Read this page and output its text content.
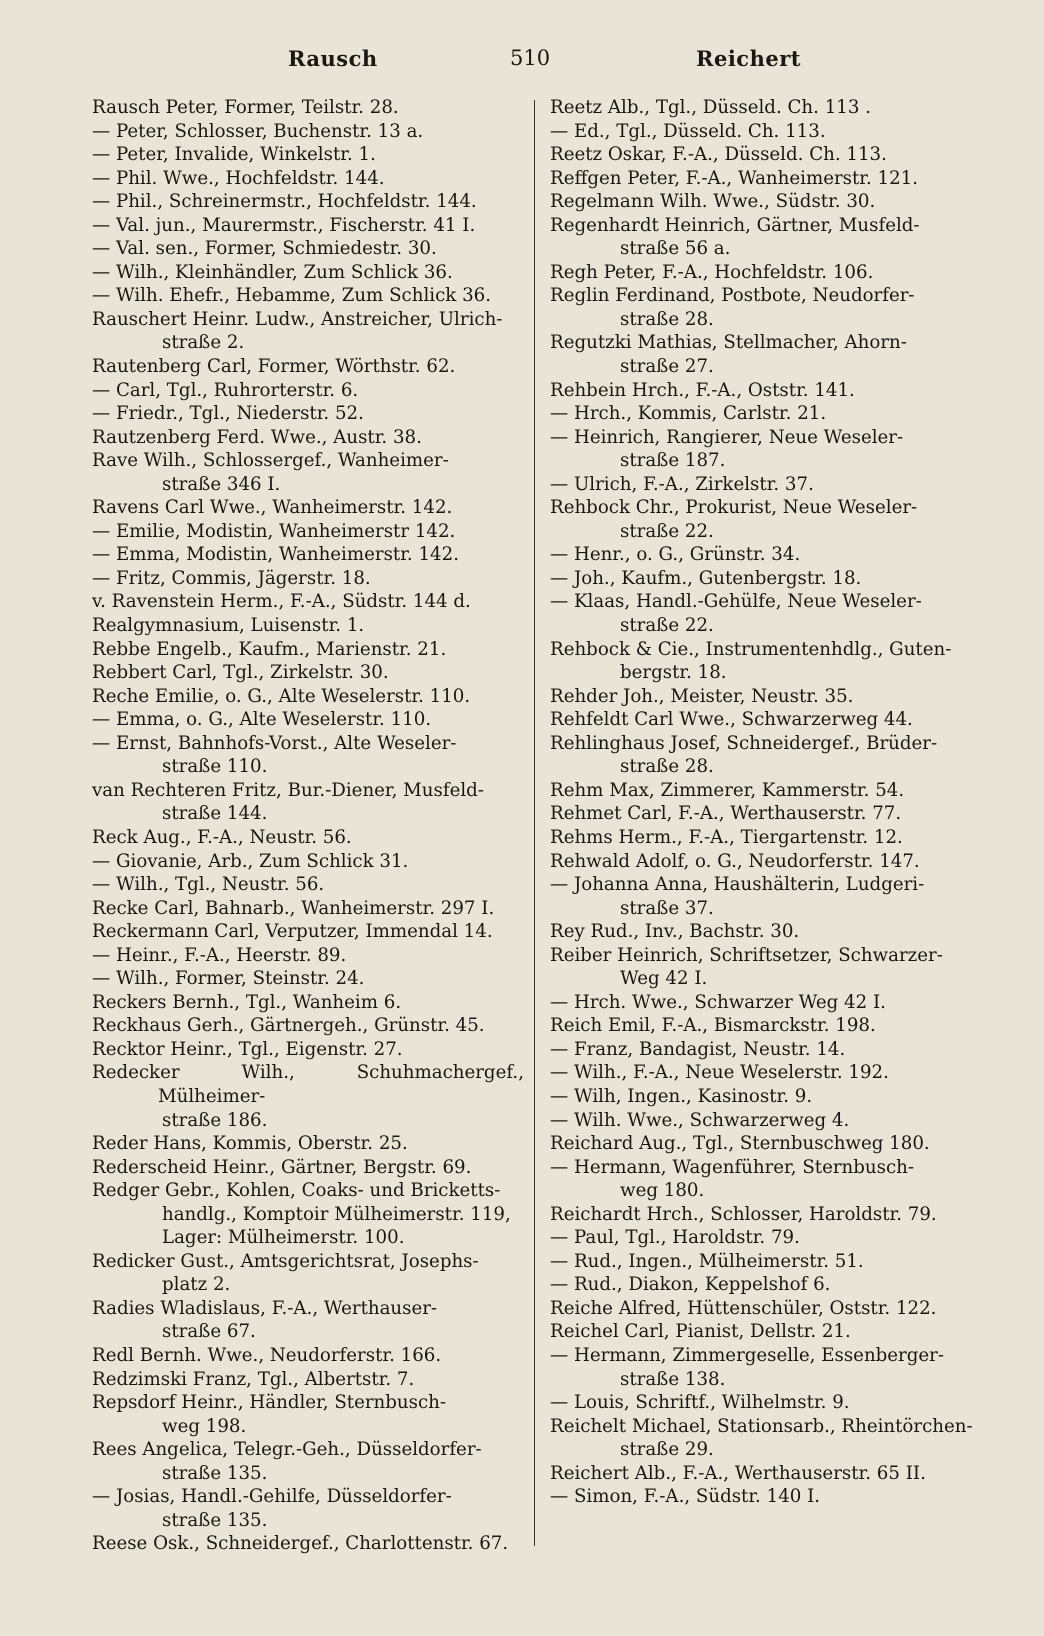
Rausch	510	Reichert
Rausch Peter, Former, Teilstr. 28.
— Peter, Schlosser, Buchenstr. 13 a.
— Peter, Invalide, Winkelstr. 1.
— Phil. Wwe., Hochfeldstr. 144.
— Phil., Schreinermstr., Hochfeldstr. 144.
— Val. jun., Maurermstr., Fischerstr. 41 I.
— Val. sen., Former, Schmiedestr. 30.
— Wilh., Kleinhändler, Zum Schlick 36.
— Wilh. Ehefr., Hebamme, Zum Schlick 36.
Rauschert Heinr. Ludw., Anstreicher, Ulrich-
straße 2.
Rautenberg Carl, Former, Wörthstr. 62.
— Carl, Tgl., Ruhrorterstr. 6.
— Friedr., Tgl., Niederstr. 52.
Rautzenberg Ferd. Wwe., Austr. 38.
Rave Wilh., Schlossergef., Wanheimer-
straße 346 I.
Ravens Carl Wwe., Wanheimerstr. 142.
— Emilie, Modistin, Wanheimerstr 142.
— Emma, Modistin, Wanheimerstr. 142.
— Fritz, Commis, Jägerstr. 18.
v. Ravenstein Herm., F.-A., Südstr. 144 d.
Realgymnasium, Luisenstr. 1.
Rebbe Engelb., Kaufm., Marienstr. 21.
Rebbert Carl, Tgl., Zirkelstr. 30.
Reche Emilie, o. G., Alte Weselerstr. 110.
— Emma, o. G., Alte Weselerstr. 110.
— Ernst, Bahnhofs-Vorst., Alte Weseler-
straße 110.
van Rechteren Fritz, Bur.-Diener, Musfeld-
straße 144.
Reck Aug., F.-A., Neustr. 56.
— Giovanie, Arb., Zum Schlick 31.
— Wilh., Tgl., Neustr. 56.
Recke Carl, Bahnarb., Wanheimerstr. 297 I.
Reckermann Carl, Verputzer, Immendal 14.
— Heinr., F.-A., Heerstr. 89.
— Wilh., Former, Steinstr. 24.
Reckers Bernh., Tgl., Wanheim 6.
Reckhaus Gerh., Gärtnergeh., Grünstr. 45.
Recktor Heinr., Tgl., Eigenstr. 27.
Redecker Wilh., Schuhmachergef., Mülheimer-
straße 186.
Reder Hans, Kommis, Oberstr. 25.
Rederscheid Heinr., Gärtner, Bergstr. 69.
Redger Gebr., Kohlen, Coaks- und Bricketts-
handlg., Komptoir Mülheimerstr. 119,
Lager: Mülheimerstr. 100.
Redicker Gust., Amtsgerichtsrat, Josephs-
platz 2.
Radies Wladislaus, F.-A., Werthauser-
straße 67.
Redl Bernh. Wwe., Neudorferstr. 166.
Redzimski Franz, Tgl., Albertstr. 7.
Repsdorf Heinr., Händler, Sternbusch-
weg 198.
Rees Angelica, Telegr.-Geh., Düsseldorfer-
straße 135.
— Josias, Handl.-Gehilfe, Düsseldorfer-
straße 135.
Reese Osk., Schneidergef., Charlottenstr. 67.
Reetz Alb., Tgl., Düsseld. Ch. 113 .
— Ed., Tgl., Düsseld. Ch. 113.
Reetz Oskar, F.-A., Düsseld. Ch. 113.
Reffgen Peter, F.-A., Wanheimerstr. 121.
Regelmann Wilh. Wwe., Südstr. 30.
Regenhardt Heinrich, Gärtner, Musfeld-
straße 56 a.
Regh Peter, F.-A., Hochfeldstr. 106.
Reglin Ferdinand, Postbote, Neudorfer-
straße 28.
Regutzki Mathias, Stellmacher, Ahorn-
straße 27.
Rehbein Hrch., F.-A., Oststr. 141.
— Hrch., Kommis, Carlstr. 21.
— Heinrich, Rangierer, Neue Weseler-
straße 187.
— Ulrich, F.-A., Zirkelstr. 37.
Rehbock Chr., Prokurist, Neue Weseler-
straße 22.
— Henr., o. G., Grünstr. 34.
— Joh., Kaufm., Gutenbergstr. 18.
— Klaas, Handl.-Gehülfe, Neue Weseler-
straße 22.
Rehbock & Cie., Instrumentenhdlg., Guten-
bergstr. 18.
Rehder Joh., Meister, Neustr. 35.
Rehfeldt Carl Wwe., Schwarzerweg 44.
Rehlinghaus Josef, Schneidergef., Brüder-
straße 28.
Rehm Max, Zimmerer, Kammerstr. 54.
Rehmet Carl, F.-A., Werthauserstr. 77.
Rehms Herm., F.-A., Tiergartenstr. 12.
Rehwald Adolf, o. G., Neudorferstr. 147.
— Johanna Anna, Haushälterin, Ludgeri-
straße 37.
Rey Rud., Inv., Bachstr. 30.
Reiber Heinrich, Schriftsetzer, Schwarzer-
Weg 42 I.
— Hrch. Wwe., Schwarzer Weg 42 I.
Reich Emil, F.-A., Bismarckstr. 198.
— Franz, Bandagist, Neustr. 14.
— Wilh., F.-A., Neue Weselerstr. 192.
— Wilh, Ingen., Kasinostr. 9.
— Wilh. Wwe., Schwarzerweg 4.
Reichard Aug., Tgl., Sternbuschweg 180.
— Hermann, Wagenführer, Sternbusch-
weg 180.
Reichardt Hrch., Schlosser, Haroldstr. 79.
— Paul, Tgl., Haroldstr. 79.
— Rud., Ingen., Mülheimerstr. 51.
— Rud., Diakon, Keppelshof 6.
Reiche Alfred, Hüttenschüler, Oststr. 122.
Reichel Carl, Pianist, Dellstr. 21.
— Hermann, Zimmergeselle, Essenberger-
straße 138.
— Louis, Schriftf., Wilhelmstr. 9.
Reichelt Michael, Stationsarb., Rheintörchen-
straße 29.
Reichert Alb., F.-A., Werthauserstr. 65 II.
— Simon, F.-A., Südstr. 140 I.
